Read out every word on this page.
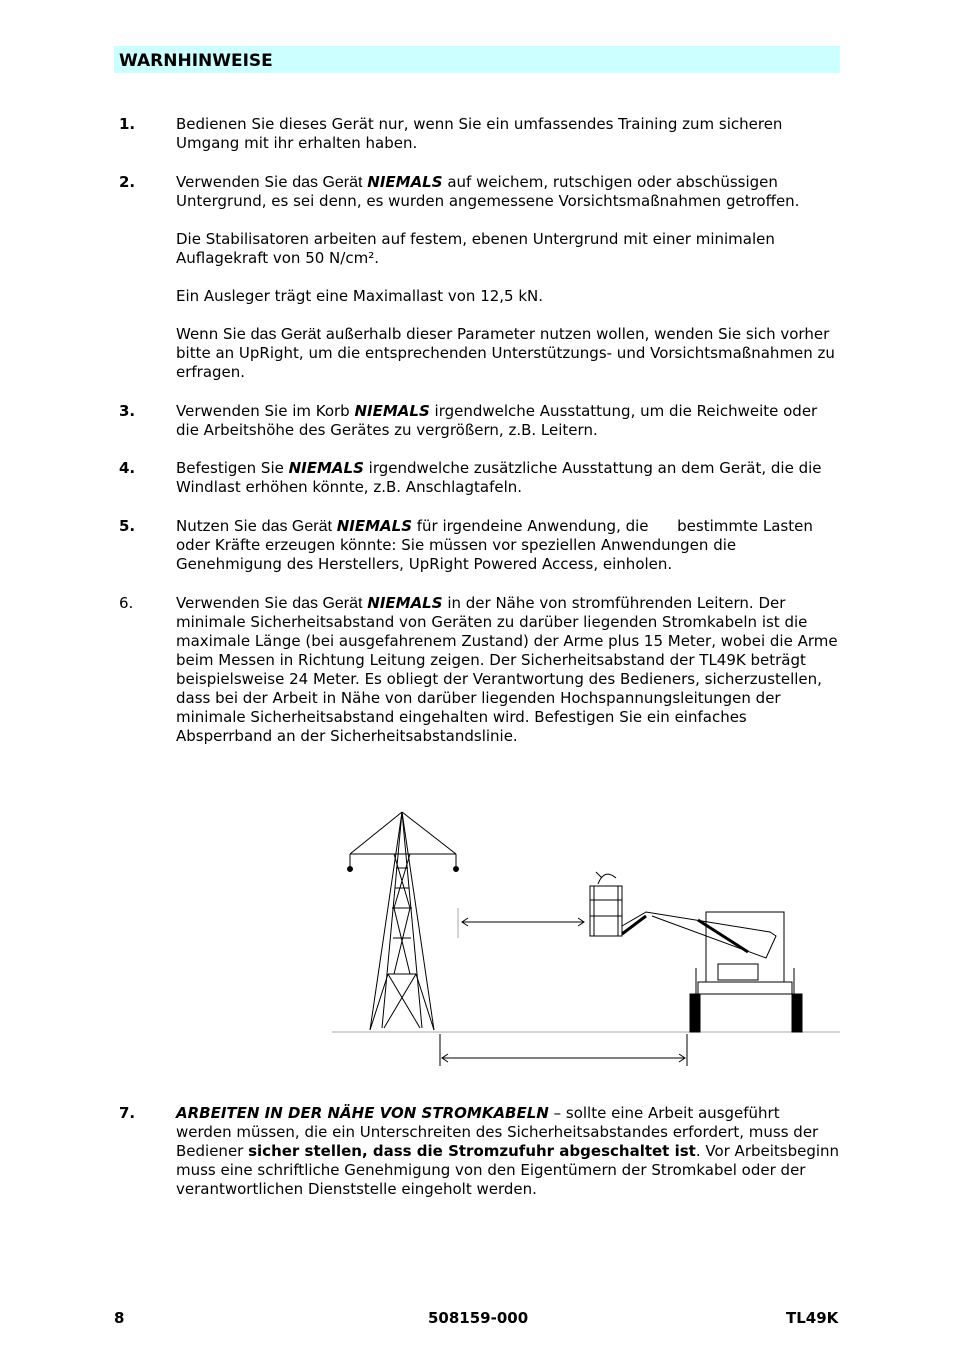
WARNHINWEISE
1.	Bedienen Sie dieses Gerät nur, wenn Sie ein umfassendes Training zum sicheren Umgang mit ihr erhalten haben.

2.	Verwenden Sie das Gerät NIEMALS auf weichem, rutschigen oder abschüssigen Untergrund, es sei denn, es wurden angemessene Vorsichtsmaßnahmen getroffen.

Die Stabilisatoren arbeiten auf festem, ebenen Untergrund mit einer minimalen Auflagekraft von 50 N/cm².

Ein Ausleger trägt eine Maximallast von 12,5 kN.

Wenn Sie das Gerät außerhalb dieser Parameter nutzen wollen, wenden Sie sich vorher bitte an UpRight, um die entsprechenden Unterstützungs- und Vorsichtsmaßnahmen zu erfragen.

3.	Verwenden Sie im Korb NIEMALS irgendwelche Ausstattung, um die Reichweite oder die Arbeitshöhe des Gerätes zu vergrößern, z.B. Leitern.

4.	Befestigen Sie NIEMALS irgendwelche zusätzliche Ausstattung an dem Gerät, die die Windlast erhöhen könnte, z.B. Anschlagtafeln.

5.	Nutzen Sie das Gerät NIEMALS für irgendeine Anwendung, die      bestimmte Lasten oder Kräfte erzeugen könnte: Sie müssen vor speziellen Anwendungen die Genehmigung des Herstellers, UpRight Powered Access, einholen.

6.	Verwenden Sie das Gerät NIEMALS in der Nähe von stromführenden Leitern. Der minimale Sicherheitsabstand von Geräten zu darüber liegenden Stromkabeln ist die maximale Länge (bei ausgefahrenem Zustand) der Arme plus 15 Meter, wobei die Arme beim Messen in Richtung Leitung zeigen. Der Sicherheitsabstand der TL49K beträgt beispielsweise 24 Meter. Es obliegt der Verantwortung des Bedieners, sicherzustellen, dass bei der Arbeit in Nähe von darüber liegenden Hochspannungsleitungen der minimale Sicherheitsabstand eingehalten wird. Befestigen Sie ein einfaches Absperrband an der Sicherheitsabstandslinie.

7.	ARBEITEN IN DER NÄHE VON STROMKABELN – sollte eine Arbeit ausgeführt werden müssen, die ein Unterschreiten des Sicherheitsabstandes erfordert, muss der Bediener sicher stellen, dass die Stromzufuhr abgeschaltet ist. Vor Arbeitsbeginn muss eine schriftliche Genehmigung von den Eigentümern der Stromkabel oder der verantwortlichen Dienststelle eingeholt werden.

8	508159-000	TL49K
